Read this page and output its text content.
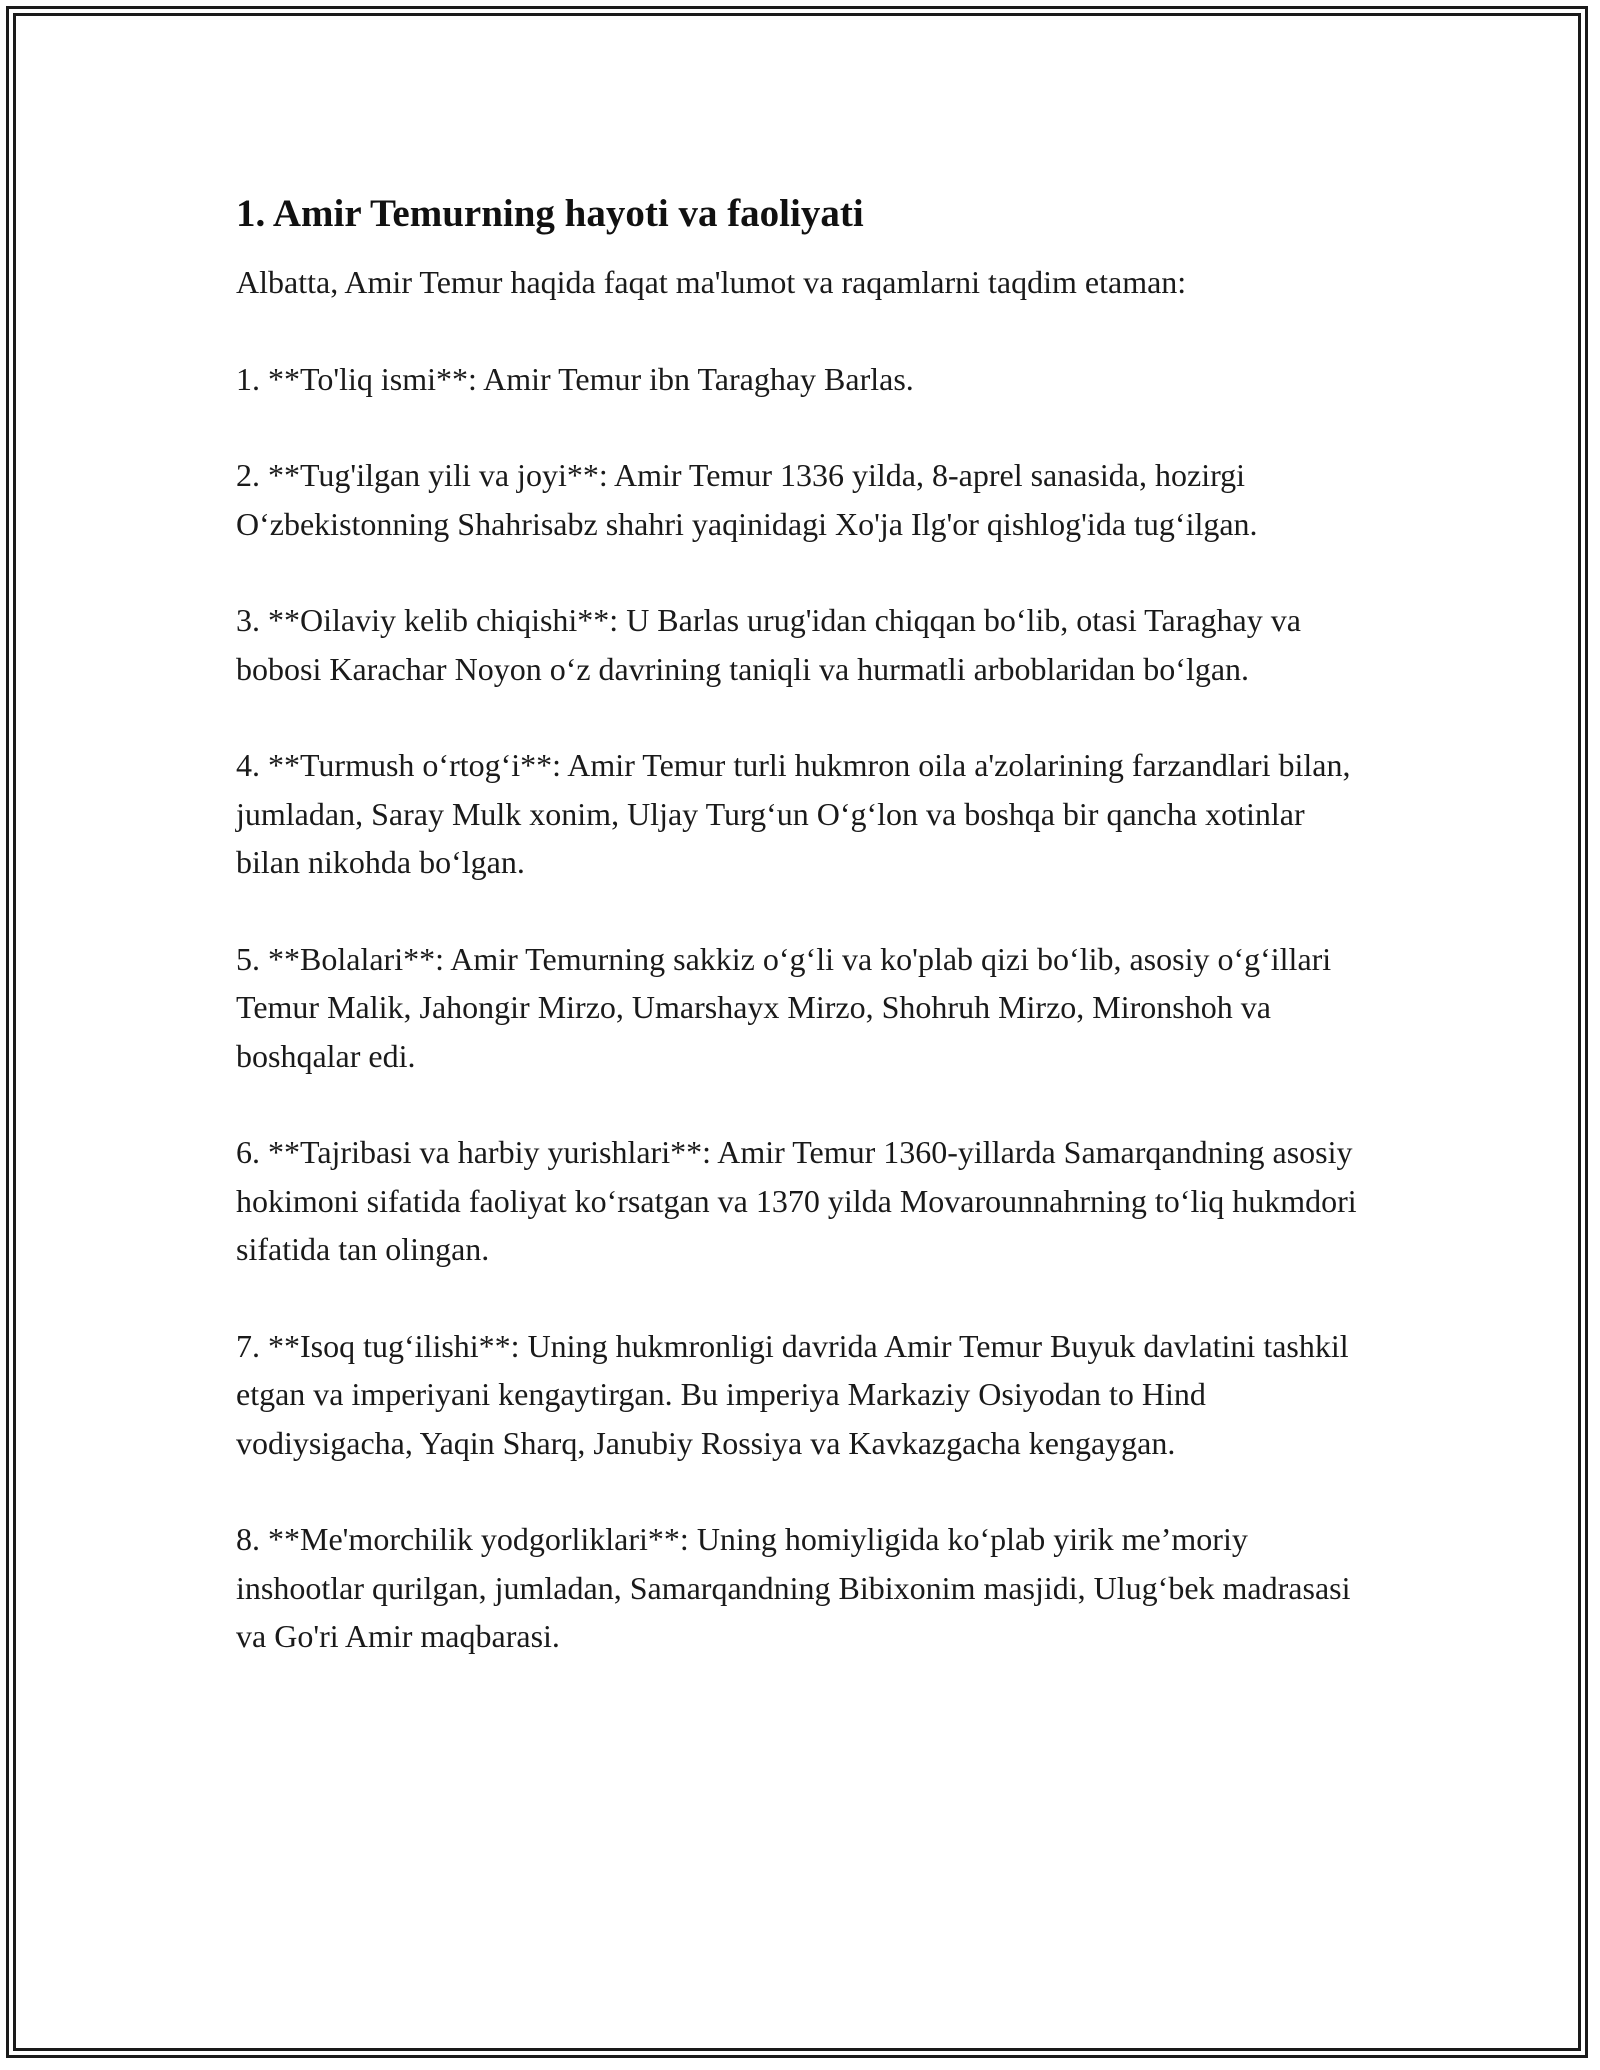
1. Amir Temurning hayoti va faoliyati

Albatta, Amir Temur haqida faqat ma'lumot va raqamlarni taqdim etaman:

1. **To'liq ismi**: Amir Temur ibn Taraghay Barlas.

2. **Tug'ilgan yili va joyi**: Amir Temur 1336 yilda, 8-aprel sanasida, hozirgi O‘zbekistonning Shahrisabz shahri yaqinidagi Xo'ja Ilg'or qishlog'ida tug‘ilgan.

3. **Oilaviy kelib chiqishi**: U Barlas urug'idan chiqqan bo‘lib, otasi Taraghay va bobosi Karachar Noyon o‘z davrining taniqli va hurmatli arboblaridan bo‘lgan.

4. **Turmush o‘rtog‘i**: Amir Temur turli hukmron oila a'zolarining farzandlari bilan, jumladan, Saray Mulk xonim, Uljay Turg‘un O‘g‘lon va boshqa bir qancha xotinlar bilan nikohda bo‘lgan.

5. **Bolalari**: Amir Temurning sakkiz o‘g‘li va ko'plab qizi bo‘lib, asosiy o‘g‘illari Temur Malik, Jahongir Mirzo, Umarshayx Mirzo, Shohruh Mirzo, Mironshoh va boshqalar edi.

6. **Tajribasi va harbiy yurishlari**: Amir Temur 1360-yillarda Samarqandning asosiy hokimoni sifatida faoliyat ko‘rsatgan va 1370 yilda Movarounnahrning to‘liq hukmdori sifatida tan olingan.

7. **Isoq tug‘ilishi**: Uning hukmronligi davrida Amir Temur Buyuk davlatini tashkil etgan va imperiyani kengaytirgan. Bu imperiya Markaziy Osiyodan to Hind vodiysigacha, Yaqin Sharq, Janubiy Rossiya va Kavkazgacha kengaygan.

8. **Me'morchilik yodgorliklari**: Uning homiyligida ko‘plab yirik me’moriy inshootlar qurilgan, jumladan, Samarqandning Bibixonim masjidi, Ulug‘bek madrasasi va Go'ri Amir maqbarasi.
